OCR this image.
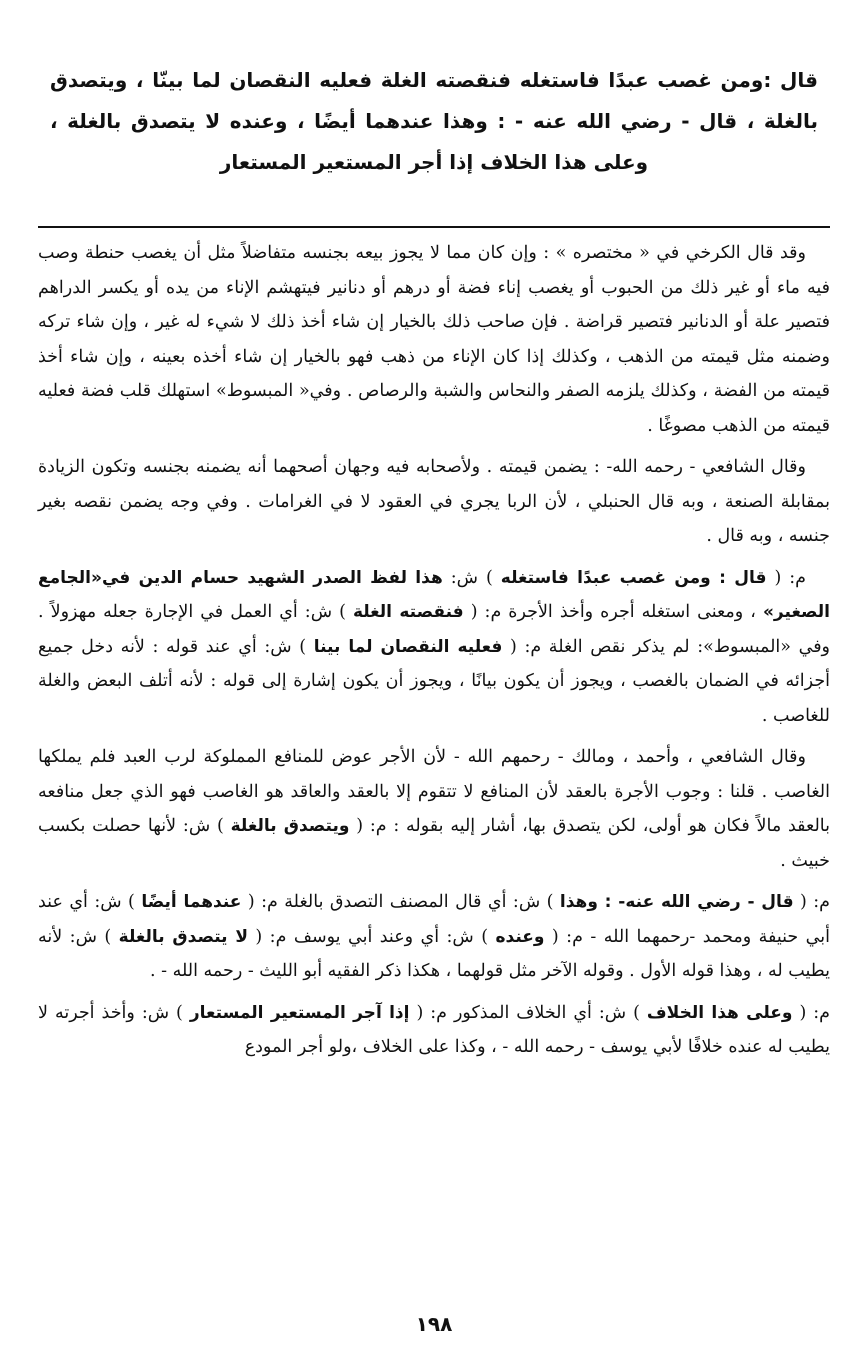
قال :ومن غصب عبدًا فاستغله فنقصته الغلة فعليه النقصان لما بينّا ، ويتصدق بالغلة ، قال - رضي الله عنه - : وهذا عندهما أيضًا ، وعنده لا يتصدق بالغلة ، وعلى هذا الخلاف إذا أجر المستعير المستعار

وقد قال الكرخي في « مختصره » : وإن كان مما لا يجوز بيعه بجنسه متفاضلاً مثل أن يغصب حنطة وصب فيه ماء أو غير ذلك من الحبوب أو يغصب إناء فضة أو درهم أو دنانير فيتهشم الإناء من يده أو يكسر الدراهم فتصير علة أو الدنانير فتصير قراضة . فإن صاحب ذلك بالخيار إن شاء أخذ ذلك لا شيء له غير ، وإن شاء تركه وضمنه مثل قيمته من الذهب ، وكذلك إذا كان الإناء من ذهب فهو بالخيار إن شاء أخذه بعينه ، وإن شاء أخذ قيمته من الفضة ، وكذلك يلزمه الصفر والنحاس والشبة والرصاص . وفي« المبسوط» استهلك قلب فضة فعليه قيمته من الذهب مصوغًا .

وقال الشافعي - رحمه الله- : يضمن قيمته . ولأصحابه فيه وجهان أصحهما أنه يضمنه بجنسه وتكون الزيادة بمقابلة الصنعة ، وبه قال الحنبلي ، لأن الربا يجري في العقود لا في الغرامات . وفي وجه يضمن نقصه بغير جنسه ، وبه قال .

م: ( قال : ومن غصب عبدًا فاستغله ) ش: هذا لفظ الصدر الشهيد حسام الدين في«الجامع الصغير» ، ومعنى استغله أجره وأخذ الأجرة م: ( فنقصته الغلة ) ش: أي العمل في الإجارة جعله مهزولاً . وفي «المبسوط»: لم يذكر نقص الغلة م: ( فعليه النقصان لما بينا ) ش: أي عند قوله : لأنه دخل جميع أجزائه في الضمان بالغصب ، ويجوز أن يكون بيانًا ، ويجوز أن يكون إشارة إلى قوله : لأنه أتلف البعض والغلة للغاصب .

وقال الشافعي ، وأحمد ، ومالك - رحمهم الله - لأن الأجر عوض للمنافع المملوكة لرب العبد فلم يملكها الغاصب . قلنا : وجوب الأجرة بالعقد لأن المنافع لا تتقوم إلا بالعقد والعاقد هو الغاصب فهو الذي جعل منافعه بالعقد مالاً فكان هو أولى، لكن يتصدق بها، أشار إليه بقوله : م: ( ويتصدق بالغلة ) ش: لأنها حصلت بكسب خبيث .

م: ( قال - رضي الله عنه- : وهذا ) ش: أي قال المصنف التصدق بالغلة م: ( عندهما أيضًا ) ش: أي عند أبي حنيفة ومحمد -رحمهما الله - م: ( وعنده ) ش: أي وعند أبي يوسف م: ( لا يتصدق بالغلة ) ش: لأنه يطيب له ، وهذا قوله الأول . وقوله الآخر مثل قولهما ، هكذا ذكر الفقيه أبو الليث - رحمه الله - .

م: ( وعلى هذا الخلاف ) ش: أي الخلاف المذكور م: ( إذا آجر المستعير المستعار ) ش: وأخذ أجرته لا يطيب له عنده خلافًا لأبي يوسف - رحمه الله - ، وكذا على الخلاف ،ولو أجر المودع

١٩٨
